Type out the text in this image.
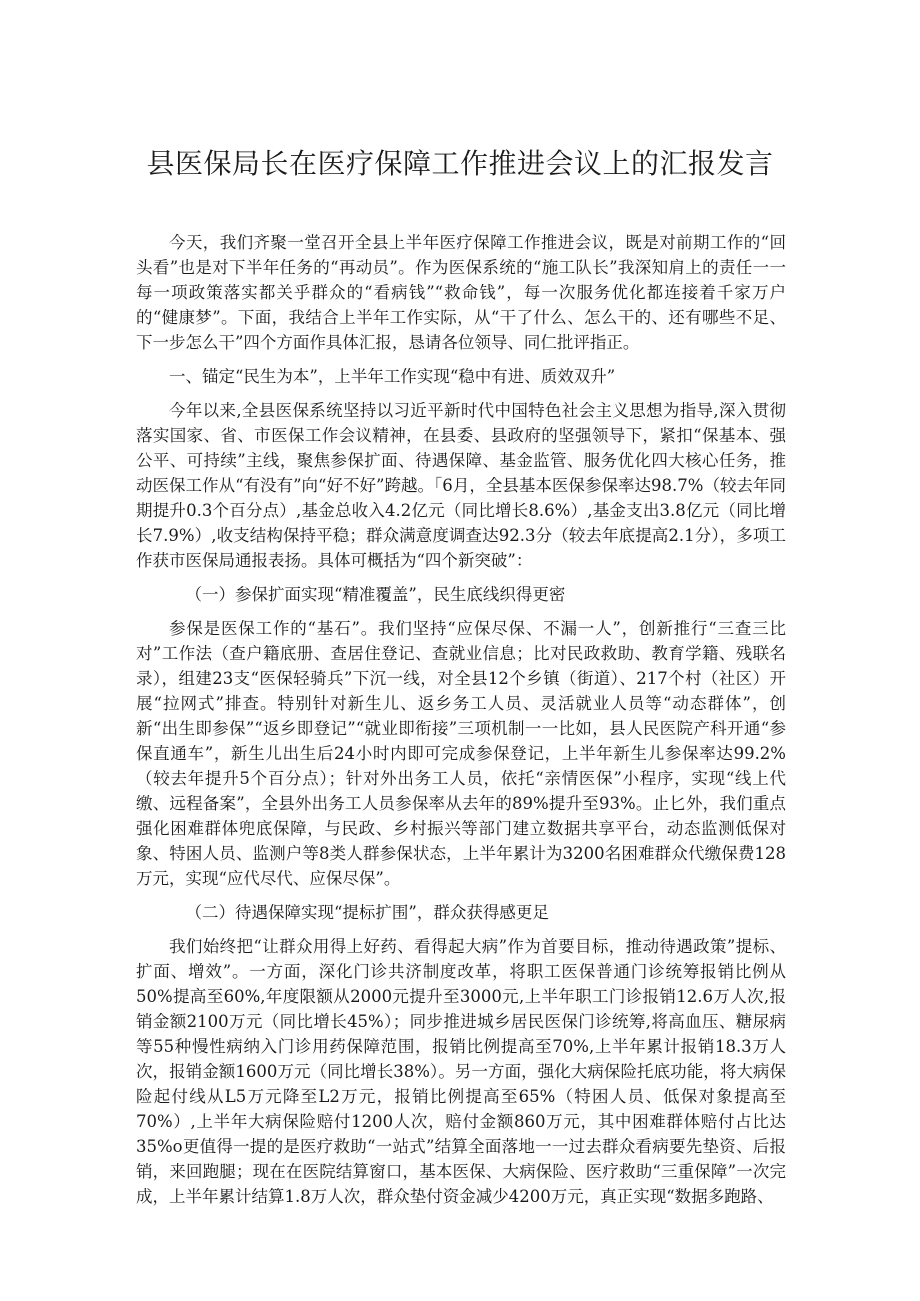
县医保局长在医疗保障工作推进会议上的汇报发言

今天，我们齐聚一堂召开全县上半年医疗保障工作推进会议，既是对前期工作的“回头看”也是对下半年任务的“再动员”。作为医保系统的“施工队长”我深知肩上的责任一一每一项政策落实都关乎群众的“看病钱”“救命钱”，每一次服务优化都连接着千家万户的“健康梦”。下面，我结合上半年工作实际，从“干了什么、怎么干的、还有哪些不足、下一步怎么干”四个方面作具体汇报，恳请各位领导、同仁批评指正。

一、锚定“民生为本”，上半年工作实现“稳中有进、质效双升”

今年以来,全县医保系统坚持以习近平新时代中国特色社会主义思想为指导,深入贯彻落实国家、省、市医保工作会议精神，在县委、县政府的坚强领导下，紧扣“保基本、强公平、可持续”主线，聚焦参保扩面、待遇保障、基金监管、服务优化四大核心任务，推动医保工作从“有没有”向“好不好”跨越。「6月，全县基本医保参保率达98.7%（较去年同期提升0.3个百分点）,基金总收入4.2亿元（同比增长8.6%）,基金支出3.8亿元（同比增长7.9%）,收支结构保持平稳；群众满意度调查达92.3分（较去年底提高2.1分），多项工作获市医保局通报表扬。具体可概括为“四个新突破”：

（一）参保扩面实现“精准覆盖”，民生底线织得更密

参保是医保工作的“基石”。我们坚持“应保尽保、不漏一人”，创新推行“三查三比对”工作法（查户籍底册、查居住登记、查就业信息；比对民政救助、教育学籍、残联名录），组建23支“医保轻骑兵”下沉一线，对全县12个乡镇（街道）、217个村（社区）开展“拉网式”排查。特别针对新生儿、返乡务工人员、灵活就业人员等“动态群体”，创新“出生即参保”“返乡即登记”“就业即衔接”三项机制一一比如，县人民医院产科开通“参保直通车”，新生儿出生后24小时内即可完成参保登记，上半年新生儿参保率达99.2%（较去年提升5个百分点）；针对外出务工人员，依托“亲情医保”小程序，实现“线上代缴、远程备案”，全县外出务工人员参保率从去年的89%提升至93%。止匕外，我们重点强化困难群体兜底保障，与民政、乡村振兴等部门建立数据共享平台，动态监测低保对象、特困人员、监测户等8类人群参保状态，上半年累计为3200名困难群众代缴保费128万元，实现“应代尽代、应保尽保”。

（二）待遇保障实现“提标扩围”，群众获得感更足

我们始终把“让群众用得上好药、看得起大病”作为首要目标，推动待遇政策”提标、扩面、增效”。一方面，深化门诊共济制度改革，将职工医保普通门诊统筹报销比例从50%提高至60%,年度限额从2000元提升至3000元,上半年职工门诊报销12.6万人次,报销金额2100万元（同比增长45%）；同步推进城乡居民医保门诊统筹,将高血压、糖尿病等55种慢性病纳入门诊用药保障范围，报销比例提高至70%,上半年累计报销18.3万人次，报销金额1600万元（同比增长38%）。另一方面，强化大病保险托底功能，将大病保险起付线从L5万元降至L2万元，报销比例提高至65%（特困人员、低保对象提高至70%）,上半年大病保险赔付1200人次，赔付金额860万元，其中困难群体赔付占比达35%o更值得一提的是医疗救助“一站式”结算全面落地一一过去群众看病要先垫资、后报销，来回跑腿；现在在医院结算窗口，基本医保、大病保险、医疗救助“三重保障”一次完成，上半年累计结算1.8万人次，群众垫付资金减少4200万元，真正实现“数据多跑路、
